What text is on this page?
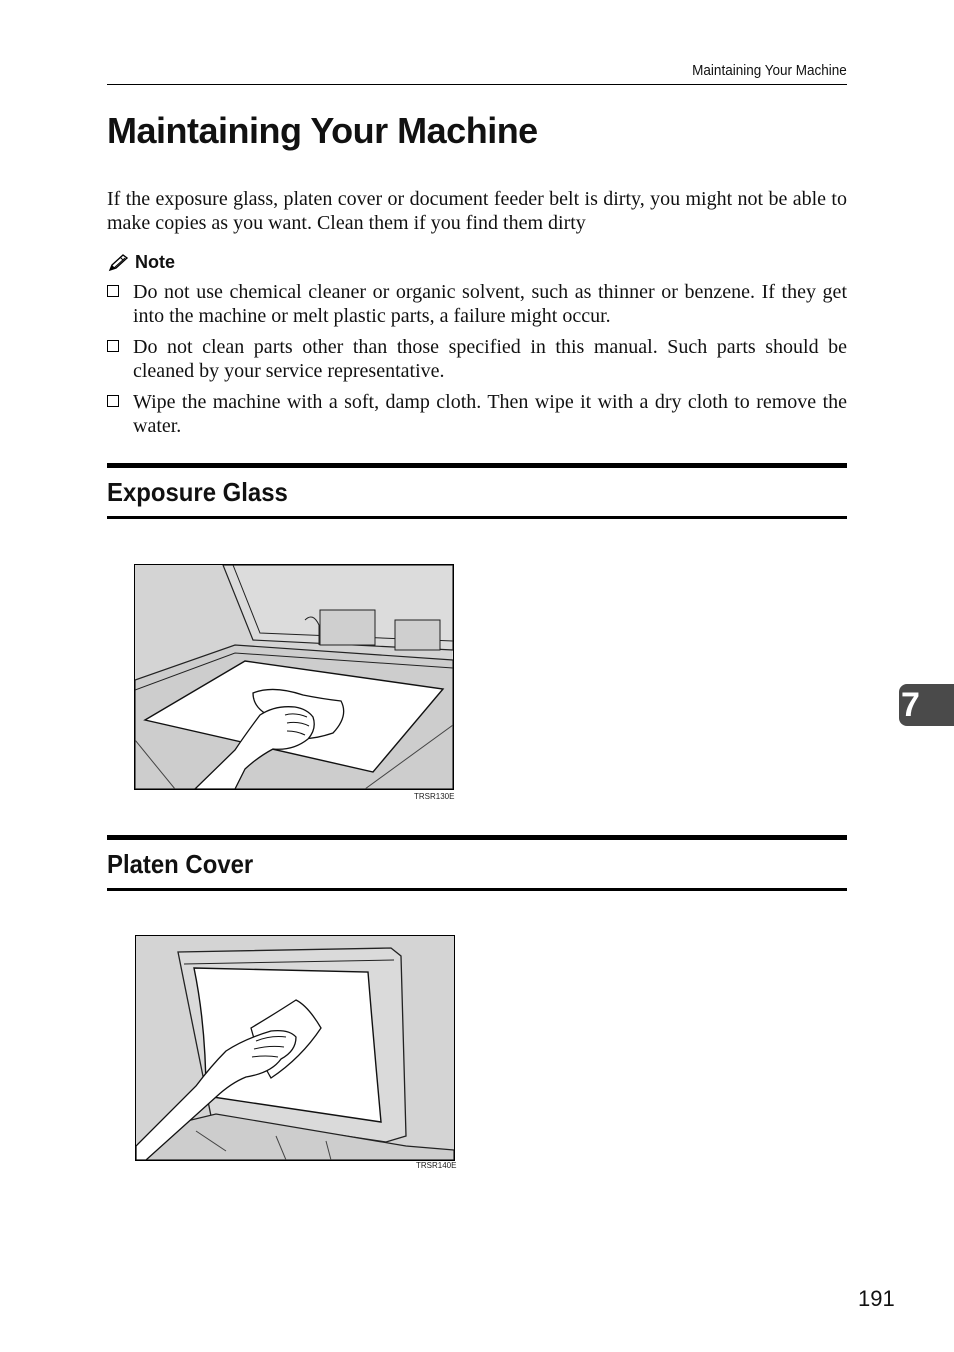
Maintaining Your Machine
Maintaining Your Machine

If the exposure glass, platen cover or document feeder belt is dirty, you might not be able to make copies as you want. Clean them if you find them dirty

Note
Do not use chemical cleaner or organic solvent, such as thinner or benzene. If they get into the machine or melt plastic parts, a failure might occur.
Do not clean parts other than those specified in this manual. Such parts should be cleaned by your service representative.
Wipe the machine with a soft, damp cloth. Then wipe it with a dry cloth to remove the water.
Exposure Glass
TRSR130E
Platen Cover
TRSR140E
7
191
